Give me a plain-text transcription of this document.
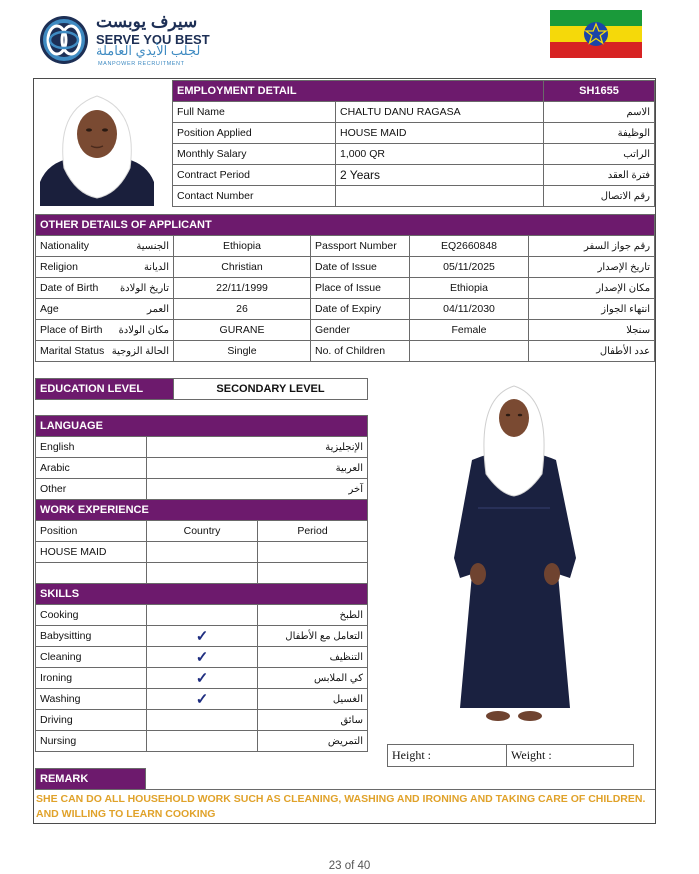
سيرف يوبست
SERVE YOU BEST
لجلب الأيدي العاملة
MANPOWER RECRUITMENT
EMPLOYMENT DETAIL		SH1655
Full Name	CHALTU DANU RAGASA	الاسم
Position Applied	HOUSE MAID	الوظيفة
Monthly Salary	1,000 QR	الراتب
Contract Period	2 Years	فترة العقد
Contact Number		رقم الاتصال
OTHER DETAILS OF APPLICANT					
Nationality	الجنسية	Ethiopia	Passport Number	EQ2660848	رقم جواز السفر
Religion	الديانة	Christian	Date of Issue	05/11/2025	تاريخ الإصدار
Date of Birth	تاريخ الولادة	22/11/1999	Place of Issue	Ethiopia	مكان الإصدار
Age	العمر	26	Date of Expiry	04/11/2030	انتهاء الجواز
Place of Birth	مكان الولادة	GURANE	Gender	Female	سنجلا
Marital Status	الحالة الزوجية	Single	No. of Children		عدد الأطفال
EDUCATION LEVEL	SECONDARY LEVEL
LANGUAGE		
English	الإنجليزية	
Arabic	العربية	
Other	آخر	
WORK EXPERIENCE		
Position	Country	Period
HOUSE MAID		

SKILLS		
Cooking		الطبخ
Babysitting	✓	التعامل مع الأطفال
Cleaning	✓	التنظيف
Ironing	✓	كي الملابس
Washing	✓	الغسيل
Driving		سائق
Nursing		التمريض
Height :		Weight :	
REMARK	
SHE CAN DO ALL HOUSEHOLD WORK SUCH AS CLEANING, WASHING AND IRONING AND TAKING CARE OF CHILDREN. AND WILLING TO LEARN COOKING
23 of 40
